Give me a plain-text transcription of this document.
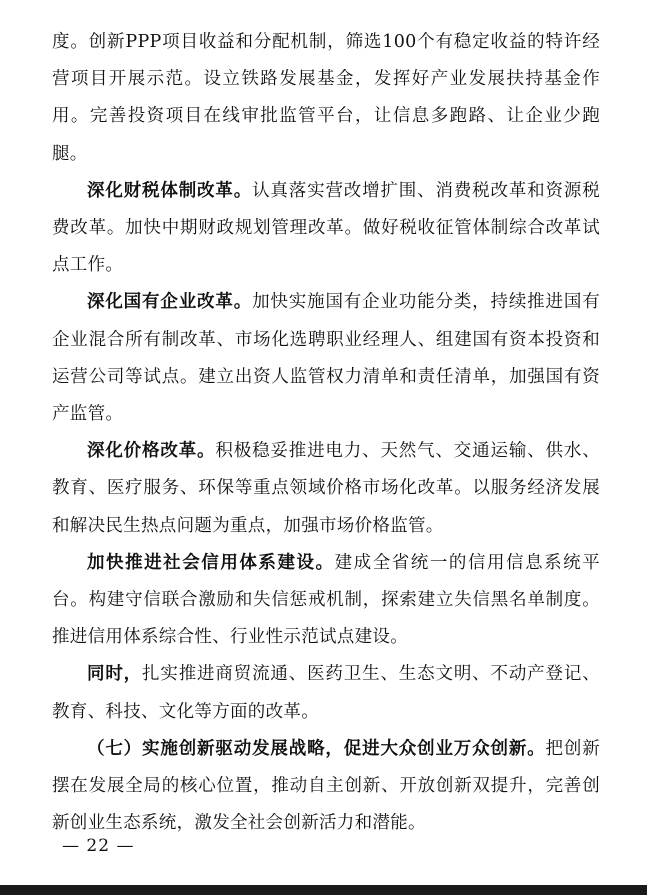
度。创新PPP项目收益和分配机制，筛选100个有稳定收益的特许经营项目开展示范。设立铁路发展基金，发挥好产业发展扶持基金作用。完善投资项目在线审批监管平台，让信息多跑路、让企业少跑腿。

深化财税体制改革。认真落实营改增扩围、消费税改革和资源税费改革。加快中期财政规划管理改革。做好税收征管体制综合改革试点工作。

深化国有企业改革。加快实施国有企业功能分类，持续推进国有企业混合所有制改革、市场化选聘职业经理人、组建国有资本投资和运营公司等试点。建立出资人监管权力清单和责任清单，加强国有资产监管。

深化价格改革。积极稳妥推进电力、天然气、交通运输、供水、教育、医疗服务、环保等重点领域价格市场化改革。以服务经济发展和解决民生热点问题为重点，加强市场价格监管。

加快推进社会信用体系建设。建成全省统一的信用信息系统平台。构建守信联合激励和失信惩戒机制，探索建立失信黑名单制度。推进信用体系综合性、行业性示范试点建设。

同时，扎实推进商贸流通、医药卫生、生态文明、不动产登记、教育、科技、文化等方面的改革。

（七）实施创新驱动发展战略，促进大众创业万众创新。把创新摆在发展全局的核心位置，推动自主创新、开放创新双提升，完善创新创业生态系统，激发全社会创新活力和潜能。

— 22 —
